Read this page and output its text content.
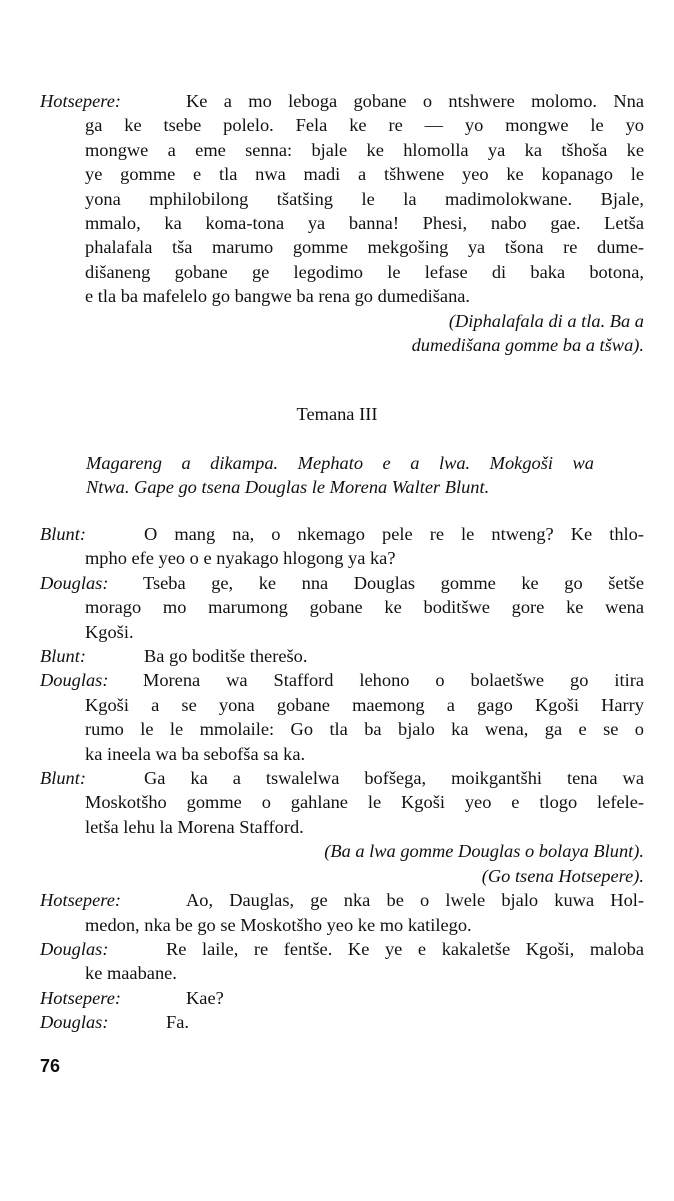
Hotsepere:	Ke a mo leboga gobane o ntshwere molomo. Nna
ga ke tsebe polelo. Fela ke re — yo mongwe le yo
mongwe a eme senna: bjale ke hlomolla ya ka tšhoša ke
ye gomme e tla nwa madi a tšhwene yeo ke kopanago le
yona mphilobilong tšatšing le la madimolokwane. Bjale,
mmalo, ka koma-tona ya banna! Phesi, nabo gae. Letša
phalafala tša marumo gomme mekgošing ya tšona re dume-
dišaneng gobane ge legodimo le lefase di baka botona,
e tla ba mafelelo go bangwe ba rena go dumedišana.
(Diphalafala di a tla. Ba a
dumedišana gomme ba a tšwa).
Temana III
Magareng a dikampa. Mephato e a lwa. Mokgoši wa
Ntwa. Gape go tsena Douglas le Morena Walter Blunt.
Blunt:	O mang na, o nkemago pele re le ntweng? Ke thlo-
mpho efe yeo o e nyakago hlogong ya ka?
Douglas: Tseba ge, ke nna Douglas gomme ke go šetše
morago mo marumong gobane ke boditšwe gore ke wena
Kgoši.
Blunt:	Ba go boditše therešo.
Douglas: Morena wa Stafford lehono o bolaetšwe go itira
Kgoši a se yona gobane maemong a gago Kgoši Harry
rumo le le mmolaile: Go tla ba bjalo ka wena, ga e se o
ka ineela wa ba sebofša sa ka.
Blunt:	Ga ka a tswalelwa bofšega, moikgantšhi tena wa
Moskotšho gomme o gahlane le Kgoši yeo e tlogo lefele-
letša lehu la Morena Stafford.
(Ba a lwa gomme Douglas o bolaya Blunt).
(Go tsena Hotsepere).
Hotsepere:	Ao, Dauglas, ge nka be o lwele bjalo kuwa Hol-
medon, nka be go se Moskotšho yeo ke mo katilego.
Douglas:	Re laile, re fentše. Ke ye e kakaletše Kgoši, maloba
ke maabane.
Hotsepere:	Kae?
Douglas:	Fa.
76
